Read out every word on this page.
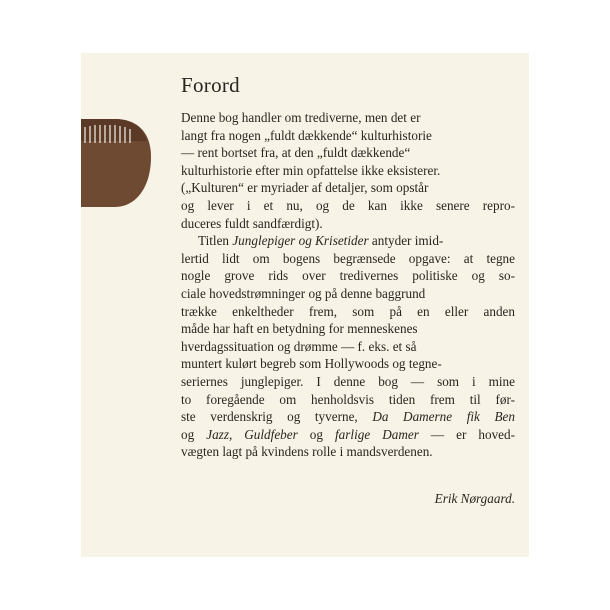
Forord
Denne bog handler om trediverne, men det er
langt fra nogen „fuldt dækkende“ kulturhistorie
— rent bortset fra, at den „fuldt dækkende“
kulturhistorie efter min opfattelse ikke eksisterer.
(„Kulturen“ er myriader af detaljer, som opstår
og lever i et nu, og de kan ikke senere repro-
duceres fuldt sandfærdigt).
Titlen Junglepiger og Krisetider antyder imid-
lertid lidt om bogens begrænsede opgave: at tegne
nogle grove rids over tredivernes politiske og so-
ciale hovedstrømninger og på denne baggrund
trække enkeltheder frem, som på en eller anden
måde har haft en betydning for menneskenes
hverdagssituation og drømme — f. eks. et så
muntert kulørt begreb som Hollywoods og tegne-
seriernes junglepiger. I denne bog — som i mine
to foregående om henholdsvis tiden frem til før-
ste verdenskrig og tyverne, Da Damerne fik Ben
og Jazz, Guldfeber og farlige Damer — er hoved-
vægten lagt på kvindens rolle i mandsverdenen.
Erik Nørgaard.
